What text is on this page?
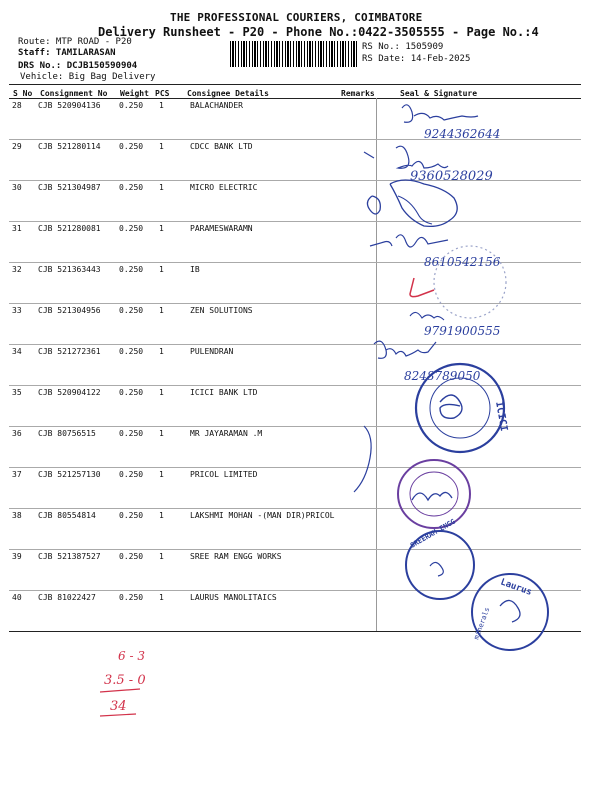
THE PROFESSIONAL COURIERS, COIMBATORE
Delivery Runsheet - P20 - Phone No.:0422-3505555 - Page No.:4
Route: MTP ROAD - P20
Staff: TAMILARASAN
DRS No.: DCJB150590904
Vehicle: Big Bag Delivery
RS No.: 1505909
RS Date: 14-Feb-2025
S No Consignment No Weight PCS Consignee Details	Remarks	Seal & Signature
28 CJB 520904136 0.250 1	BALACHANDER
29 CJB 521280114 0.250 1	CDCC BANK LTD
30 CJB 521304987 0.250 1	MICRO ELECTRIC
31 CJB 521280081 0.250 1	PARAMESWARAMN
32 CJB 521363443 0.250 1	IB
33 CJB 521304956 0.250 1	ZEN SOLUTIONS
34 CJB 521272361 0.250 1	PULENDRAN
35 CJB 520904122 0.250 1	ICICI BANK LTD
36 CJB 80756515	0.250 1	MR JAYARAMAN .M
37 CJB 521257130 0.250 1	PRICOL LIMITED
38 CJB 80554814	0.250 1	LAKSHMI MOHAN -(MAN DIR)PRICOL
39 CJB 521387527 0.250 1	SREE RAM ENGG WORKS
40 CJB 81022427	0.250 1	LAURUS MANOLITAICS
9244362644
9360528029
8610542156
9791900555
8248789050
ICICI
SREERAM ENGG
Laurus
minerals
6 - 3
3.5 - 0
34
